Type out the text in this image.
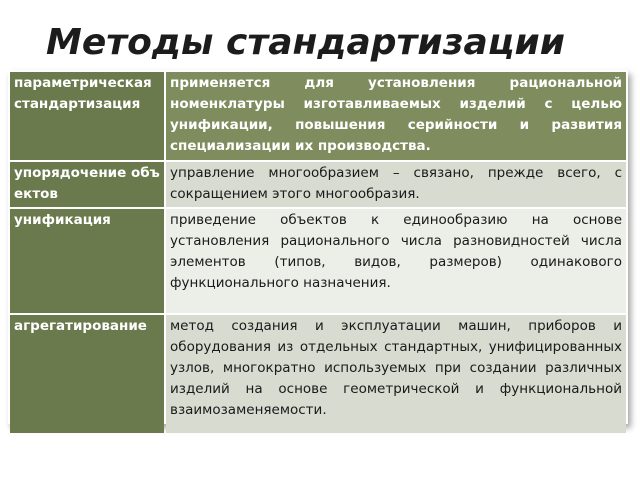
Методы стандартизации
параметрическая стандартизация	применяется для установления рациональной номенклатуры изготавливаемых изделий с целью унификации, повышения серийности и развития специализации их производства.
упорядочение объектов	управление многообразием – связано, прежде всего, с сокращением этого многообразия.
унификация	приведение объектов к единообразию на основе установления рационального числа разновидностей числа элементов (типов, видов, размеров) одинакового функционального назначения.
агрегатирование	метод создания и эксплуатации машин, приборов и оборудования из отдельных стандартных, унифицированных узлов, многократно используемых при создании различных изделий на основе геометрической и функциональной взаимозаменяемости.
